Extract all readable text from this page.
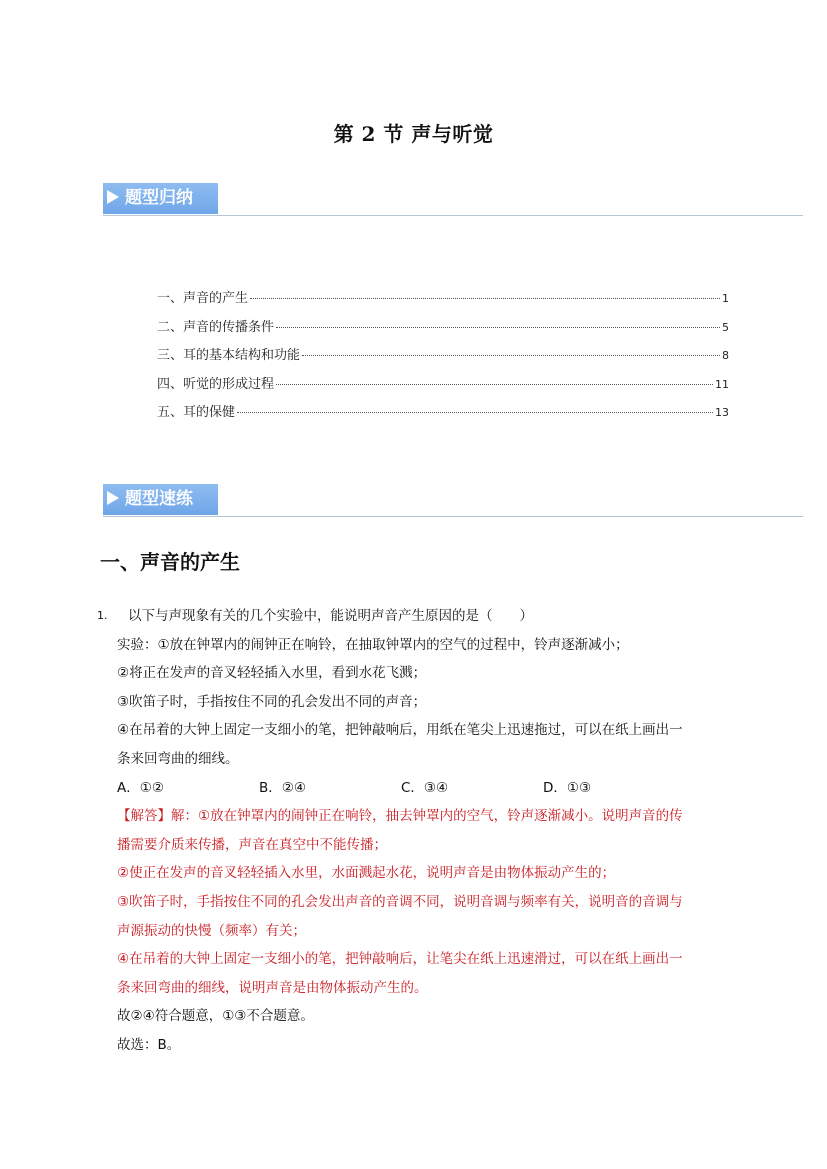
第 2 节 声与听觉
题型归纳
一、声音的产生	1
二、声音的传播条件	5
三、耳的基本结构和功能	8
四、听觉的形成过程	11
五、耳的保健	13
题型速练
一、声音的产生
1.	以下与声现象有关的几个实验中，能说明声音产生原因的是（　　）
实验：①放在钟罩内的闹钟正在响铃，在抽取钟罩内的空气的过程中，铃声逐渐减小；
②将正在发声的音叉轻轻插入水里，看到水花飞溅；
③吹笛子时，手指按住不同的孔会发出不同的声音；
④在吊着的大钟上固定一支细小的笔，把钟敲响后，用纸在笔尖上迅速拖过，可以在纸上画出一
条来回弯曲的细线。
A．①②	B．②④	C．③④	D．①③
【解答】解：①放在钟罩内的闹钟正在响铃，抽去钟罩内的空气，铃声逐渐减小。说明声音的传
播需要介质来传播，声音在真空中不能传播；
②使正在发声的音叉轻轻插入水里，水面溅起水花，说明声音是由物体振动产生的；
③吹笛子时，手指按住不同的孔会发出声音的音调不同，说明音调与频率有关，说明音的音调与
声源振动的快慢（频率）有关；
④在吊着的大钟上固定一支细小的笔，把钟敲响后，让笔尖在纸上迅速滑过，可以在纸上画出一
条来回弯曲的细线，说明声音是由物体振动产生的。
故②④符合题意，①③不合题意。
故选：B。
